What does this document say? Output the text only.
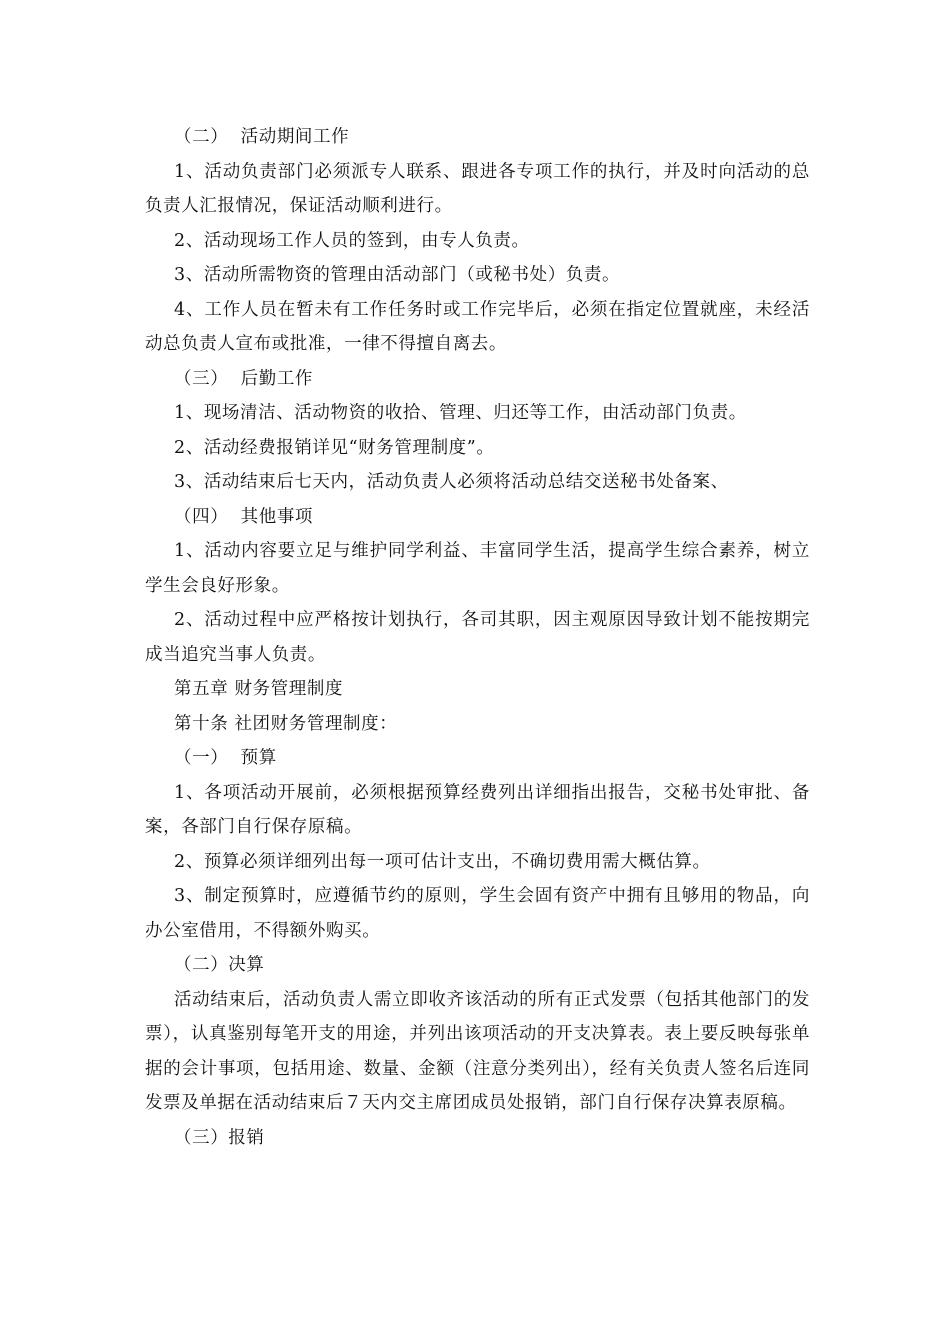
（二）  活动期间工作

1、活动负责部门必须派专人联系、跟进各专项工作的执行，并及时向活动的总负责人汇报情况，保证活动顺利进行。

2、活动现场工作人员的签到，由专人负责。

3、活动所需物资的管理由活动部门（或秘书处）负责。

4、工作人员在暂未有工作任务时或工作完毕后，必须在指定位置就座，未经活动总负责人宣布或批准，一律不得擅自离去。

（三）  后勤工作

1、现场清洁、活动物资的收拾、管理、归还等工作，由活动部门负责。

2、活动经费报销详见“财务管理制度”。

3、活动结束后七天内，活动负责人必须将活动总结交送秘书处备案、

（四）  其他事项

1、活动内容要立足与维护同学利益、丰富同学生活，提高学生综合素养，树立学生会良好形象。

2、活动过程中应严格按计划执行，各司其职，因主观原因导致计划不能按期完成当追究当事人负责。

第五章 财务管理制度

第十条 社团财务管理制度：

（一）  预算

1、各项活动开展前，必须根据预算经费列出详细指出报告，交秘书处审批、备案，各部门自行保存原稿。

2、预算必须详细列出每一项可估计支出，不确切费用需大概估算。

3、制定预算时，应遵循节约的原则，学生会固有资产中拥有且够用的物品，向办公室借用，不得额外购买。

（二）决算

活动结束后，活动负责人需立即收齐该活动的所有正式发票（包括其他部门的发票），认真鉴别每笔开支的用途，并列出该项活动的开支决算表。表上要反映每张单据的会计事项，包括用途、数量、金额（注意分类列出），经有关负责人签名后连同发票及单据在活动结束后７天内交主席团成员处报销，部门自行保存决算表原稿。

（三）报销
